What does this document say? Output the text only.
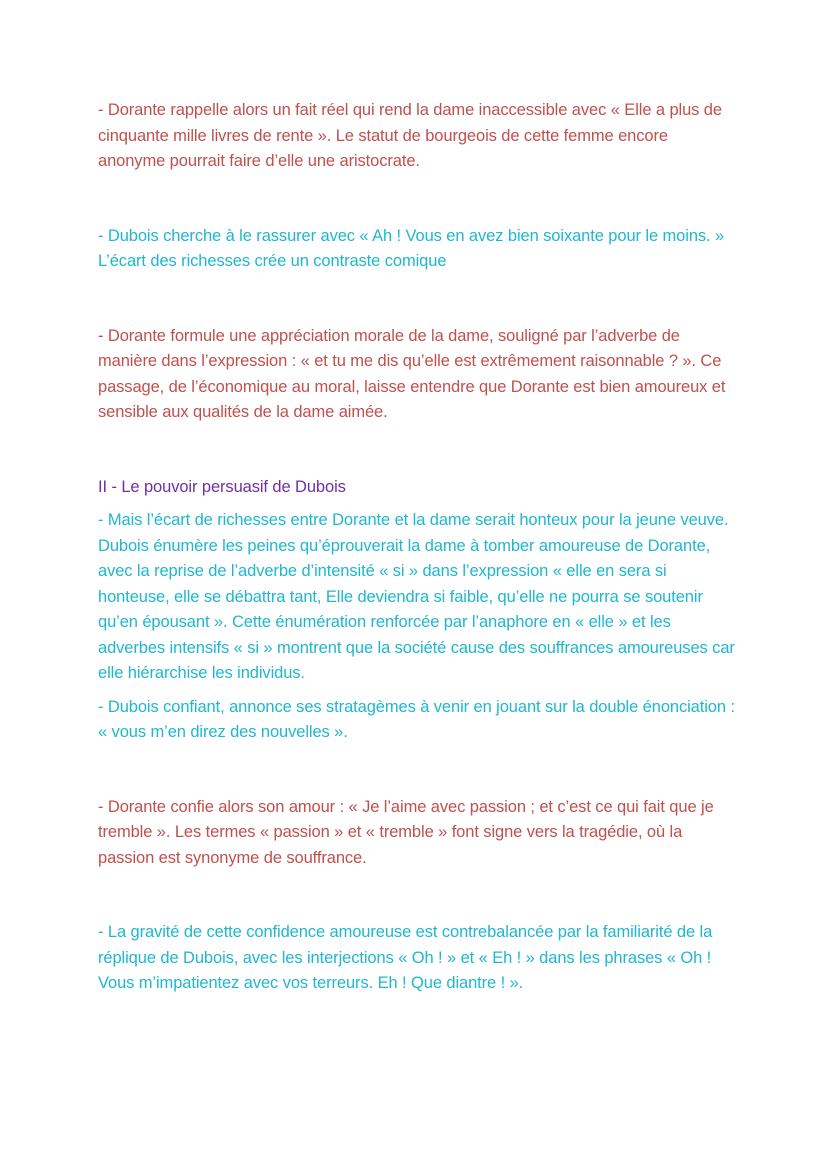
- Dorante rappelle alors un fait réel qui rend la dame inaccessible avec « Elle a plus de cinquante mille livres de rente ». Le statut de bourgeois de cette femme encore anonyme pourrait faire d’elle une aristocrate.

- Dubois cherche à le rassurer avec « Ah ! Vous en avez bien soixante pour le moins. » L’écart des richesses crée un contraste comique

- Dorante formule une appréciation morale de la dame, souligné par l’adverbe de manière dans l’expression : « et tu me dis qu’elle est extrêmement raisonnable ? ». Ce passage, de l’économique au moral, laisse entendre que Dorante est bien amoureux et sensible aux qualités de la dame aimée.

II - Le pouvoir persuasif de Dubois

- Mais l’écart de richesses entre Dorante et la dame serait honteux pour la jeune veuve. Dubois énumère les peines qu’éprouverait la dame à tomber amoureuse de Dorante, avec la reprise de l’adverbe d’intensité « si » dans l’expression « elle en sera si honteuse, elle se débattra tant, Elle deviendra si faible, qu’elle ne pourra se soutenir qu’en épousant ». Cette énumération renforcée par l’anaphore en « elle » et les adverbes intensifs « si » montrent que la société cause des souffrances amoureuses car elle hiérarchise les individus.

- Dubois confiant, annonce ses stratagèmes à venir en jouant sur la double énonciation : « vous m’en direz des nouvelles ».

- Dorante confie alors son amour : « Je l’aime avec passion ; et c’est ce qui fait que je tremble ». Les termes « passion » et « tremble » font signe vers la tragédie, où la passion est synonyme de souffrance.

- La gravité de cette confidence amoureuse est contrebalancée par la familiarité de la réplique de Dubois, avec les interjections « Oh ! » et « Eh ! » dans les phrases « Oh ! Vous m’impatientez avec vos terreurs. Eh ! Que diantre ! ».
